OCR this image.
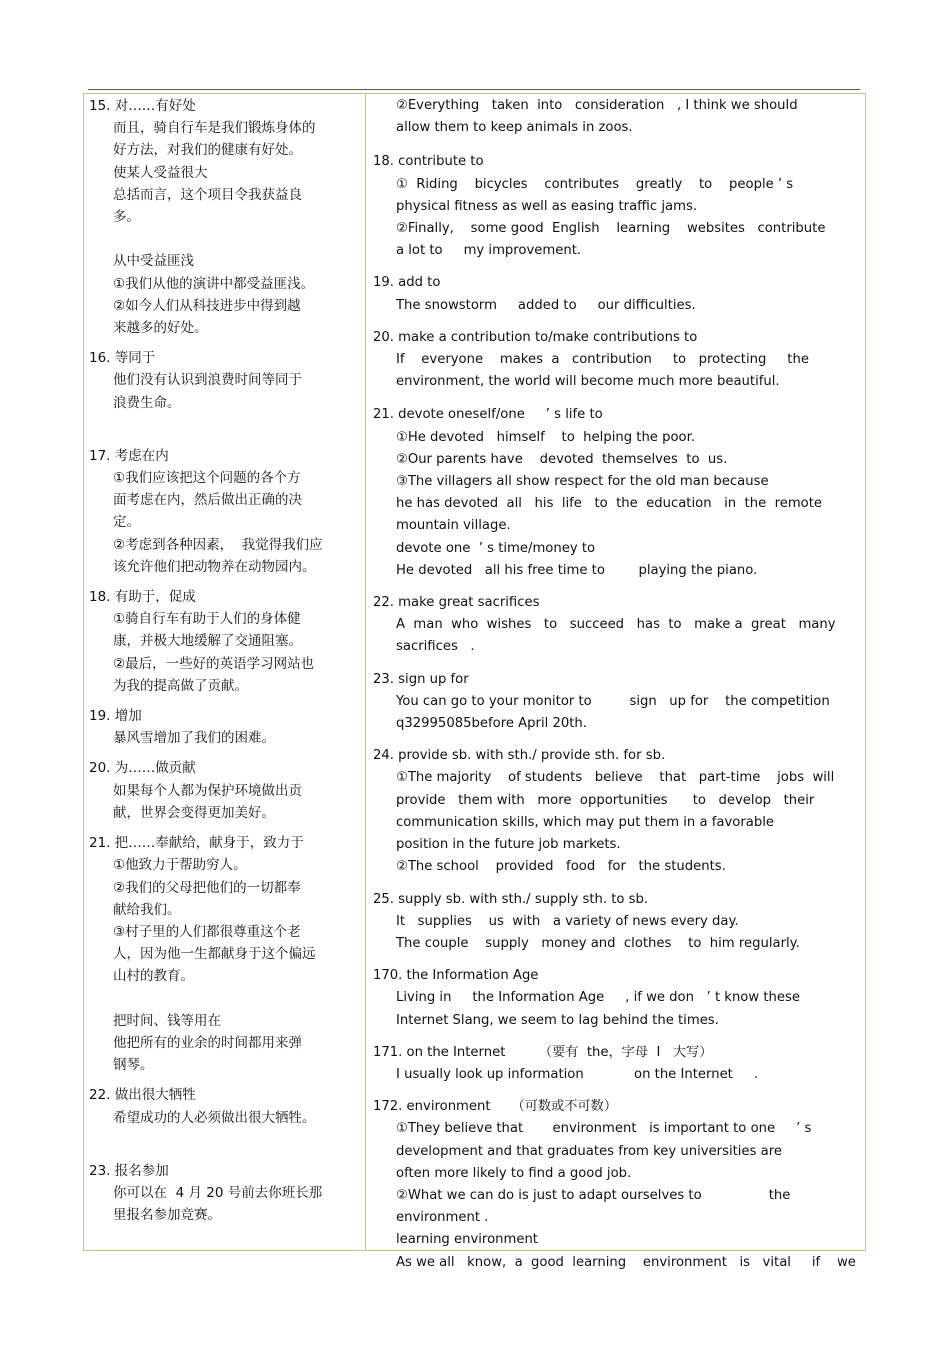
15. 对……有好处
而且，骑自行车是我们锻炼身体的
好方法，对我们的健康有好处。
使某人受益很大
总括而言，这个项目令我获益良
多。

从中受益匪浅
①我们从他的演讲中都受益匪浅。
②如今人们从科技进步中得到越
来越多的好处。
16. 等同于
他们没有认识到浪费时间等同于
浪费生命。
17. 考虑在内
①我们应该把这个问题的各个方
面考虑在内，然后做出正确的决
定。
②考虑到各种因素，  我觉得我们应
该允许他们把动物养在动物园内。
18. 有助于，促成
①骑自行车有助于人们的身体健
康，并极大地缓解了交通阻塞。
②最后，一些好的英语学习网站也
为我的提高做了贡献。
19. 增加
暴风雪增加了我们的困难。
20. 为……做贡献
如果每个人都为保护环境做出贡
献，世界会变得更加美好。
21. 把……奉献给，献身于，致力于
①他致力于帮助穷人。
②我们的父母把他们的一切都奉
献给我们。
③村子里的人们都很尊重这个老
人，因为他一生都献身于这个偏远
山村的教育。

把时间、钱等用在
他把所有的业余的时间都用来弹
钢琴。
22. 做出很大牺牲
希望成功的人必须做出很大牺牲。
23. 报名参加
你可以在  4 月 20 号前去你班长那
里报名参加竞赛。
②Everything   taken  into   consideration   , I think we should
allow them to keep animals in zoos.
18. contribute to
①  Riding    bicycles    contributes    greatly    to    people ’ s
physical fitness as well as easing traffic jams.
②Finally,    some good  English    learning    websites   contribute
a lot to     my improvement.
19. add to
The snowstorm     added to     our difficulties.
20. make a contribution to/make contributions to
If    everyone    makes  a   contribution     to   protecting     the
environment, the world will become much more beautiful.
21. devote oneself/one     ’ s life to
①He devoted   himself    to  helping the poor.
②Our parents have    devoted  themselves  to  us.
③The villagers all show respect for the old man because
he has devoted  all   his  life   to  the  education   in  the  remote
mountain village.
devote one  ’ s time/money to
He devoted   all his free time to        playing the piano.
22. make great sacrifices
A  man  who  wishes   to   succeed   has  to   make a  great   many
sacrifices   .
23. sign up for
You can go to your monitor to         sign   up for    the competition
q32995085before April 20th.
24. provide sb. with sth./ provide sth. for sb.
①The majority    of students   believe    that   part-time    jobs  will
provide   them with   more  opportunities      to   develop   their
communication skills, which may put them in a favorable
position in the future job markets.
②The school    provided   food   for   the students.
25. supply sb. with sth./ supply sth. to sb.
It   supplies    us  with   a variety of news every day.
The couple    supply   money and  clothes    to  him regularly.
170. the Information Age
Living in     the Information Age     , if we don   ’ t know these
Internet Slang, we seem to lag behind the times.
171. on the Internet        （要有  the，字母  I   大写）
I usually look up information            on the Internet     .
172. environment     （可数或不可数）
①They believe that       environment   is important to one     ’ s
development and that graduates from key universities are
often more likely to find a good job.
②What we can do is just to adapt ourselves to                the
environment .
learning environment
As we all   know,  a  good  learning    environment   is   vital     if    we
